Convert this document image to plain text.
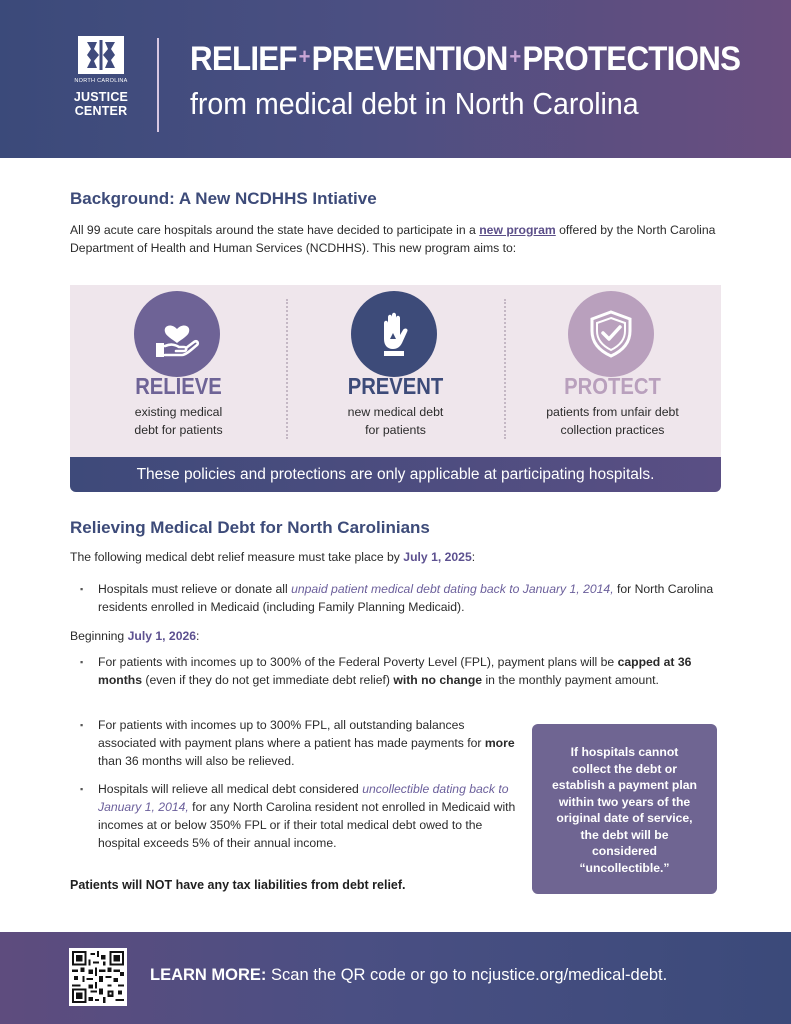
NORTH CAROLINA
JUSTICE
CENTER
RELIEF+PREVENTION+PROTECTIONS
from medical debt in North Carolina
Background: A New NCDHHS Intiative
All 99 acute care hospitals around the state have decided to participate in a new program offered by the North Carolina Department of Health and Human Services (NCDHHS). This new program aims to:
RELIEVE
existing medical
debt for patients
PREVENT
new medical debt
for patients
PROTECT
patients from unfair debt
collection practices
These policies and protections are only applicable at participating hospitals.
Relieving Medical Debt for North Carolinians
The following medical debt relief measure must take place by July 1, 2025:
▪ Hospitals must relieve or donate all unpaid patient medical debt dating back to January 1, 2014, for North Carolina residents enrolled in Medicaid (including Family Planning Medicaid).
Beginning July 1, 2026:
▪ For patients with incomes up to 300% of the Federal Poverty Level (FPL), payment plans will be capped at 36 months (even if they do not get immediate debt relief) with no change in the monthly payment amount.
▪ For patients with incomes up to 300% FPL, all outstanding balances associated with payment plans where a patient has made payments for more than 36 months will also be relieved.
▪ Hospitals will relieve all medical debt considered uncollectible dating back to January 1, 2014, for any North Carolina resident not enrolled in Medicaid with incomes at or below 350% FPL or if their total medical debt owed to the hospital exceeds 5% of their annual income.
If hospitals cannot collect the debt or establish a payment plan within two years of the original date of service, the debt will be considered “uncollectible.”
Patients will NOT have any tax liabilities from debt relief.
LEARN MORE: Scan the QR code or go to ncjustice.org/medical-debt.
